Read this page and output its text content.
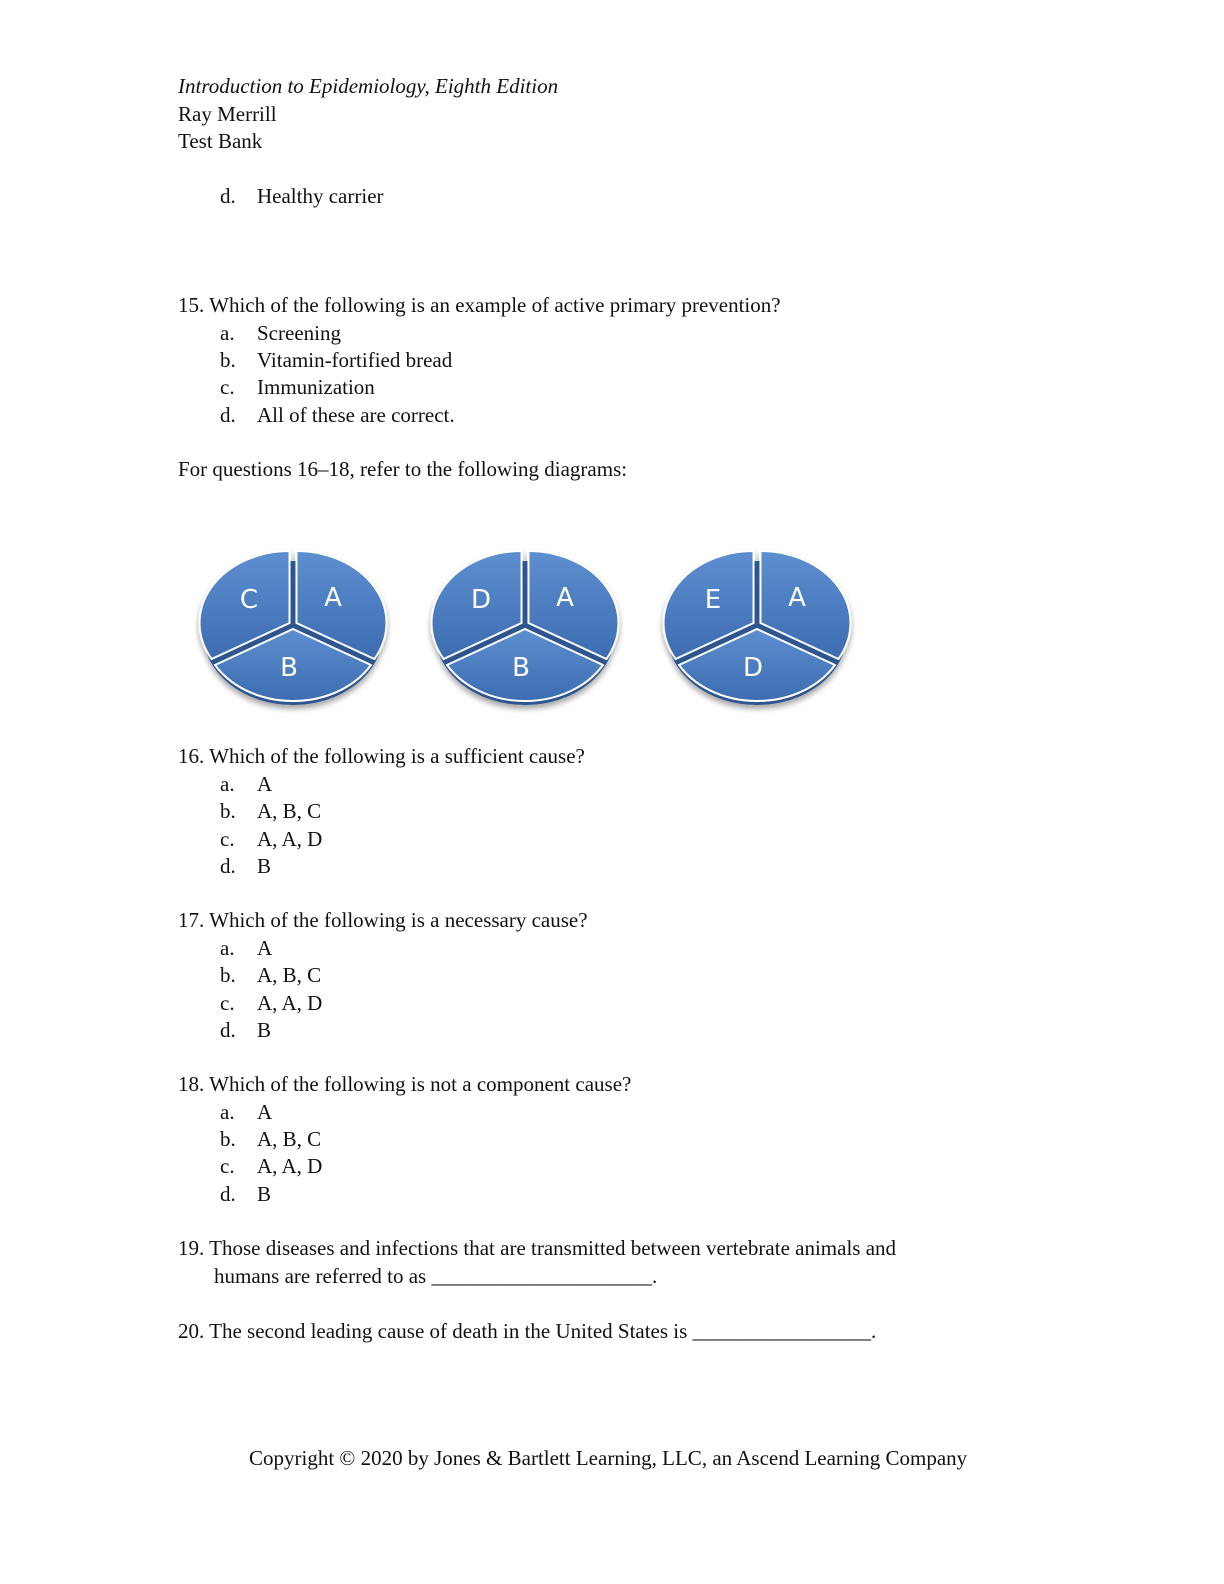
Introduction to Epidemiology, Eighth Edition
Ray Merrill
Test Bank
d. Healthy carrier
15. Which of the following is an example of active primary prevention?
a. Screening
b. Vitamin-fortified bread
c. Immunization
d. All of these are correct.
For questions 16–18, refer to the following diagrams:
C	A
B
D	A
B
E	A
D
16. Which of the following is a sufficient cause?
a. A
b. A, B, C
c. A, A, D
d. B
17. Which of the following is a necessary cause?
a. A
b. A, B, C
c. A, A, D
d. B
18. Which of the following is not a component cause?
a. A
b. A, B, C
c. A, A, D
d. B
19. Those diseases and infections that are transmitted between vertebrate animals and
humans are referred to as _____________________.
20. The second leading cause of death in the United States is _________________.
Copyright © 2020 by Jones & Bartlett Learning, LLC, an Ascend Learning Company
